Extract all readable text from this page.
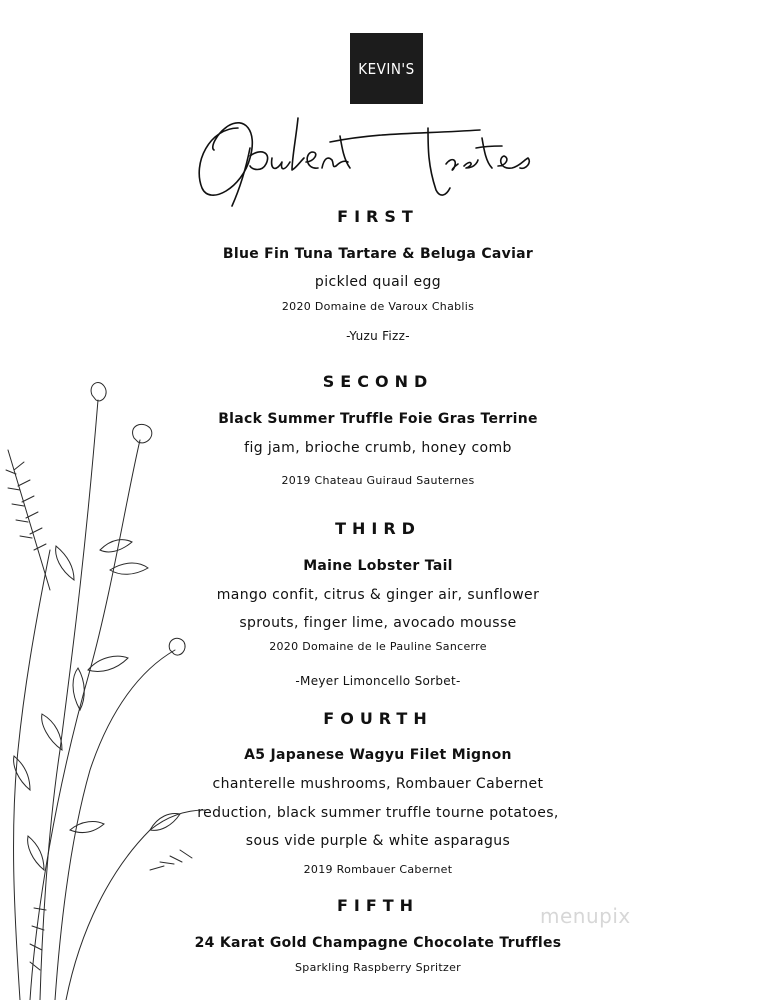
KEVIN'S
FIRST
Blue Fin Tuna Tartare & Beluga Caviar
pickled quail egg
2020 Domaine de Varoux Chablis
-Yuzu Fizz-
SECOND
Black Summer Truffle Foie Gras Terrine
fig jam, brioche crumb, honey comb
2019 Chateau Guiraud Sauternes
THIRD
Maine Lobster Tail
mango confit, citrus & ginger air, sunflower
sprouts, finger lime, avocado mousse
2020 Domaine de le Pauline Sancerre
-Meyer Limoncello Sorbet-
FOURTH
A5 Japanese Wagyu Filet Mignon
chanterelle mushrooms, Rombauer Cabernet
reduction, black summer truffle tourne potatoes,
sous vide purple & white asparagus
2019 Rombauer Cabernet
FIFTH
24 Karat Gold Champagne Chocolate Truffles
Sparkling Raspberry Spritzer
menupix
